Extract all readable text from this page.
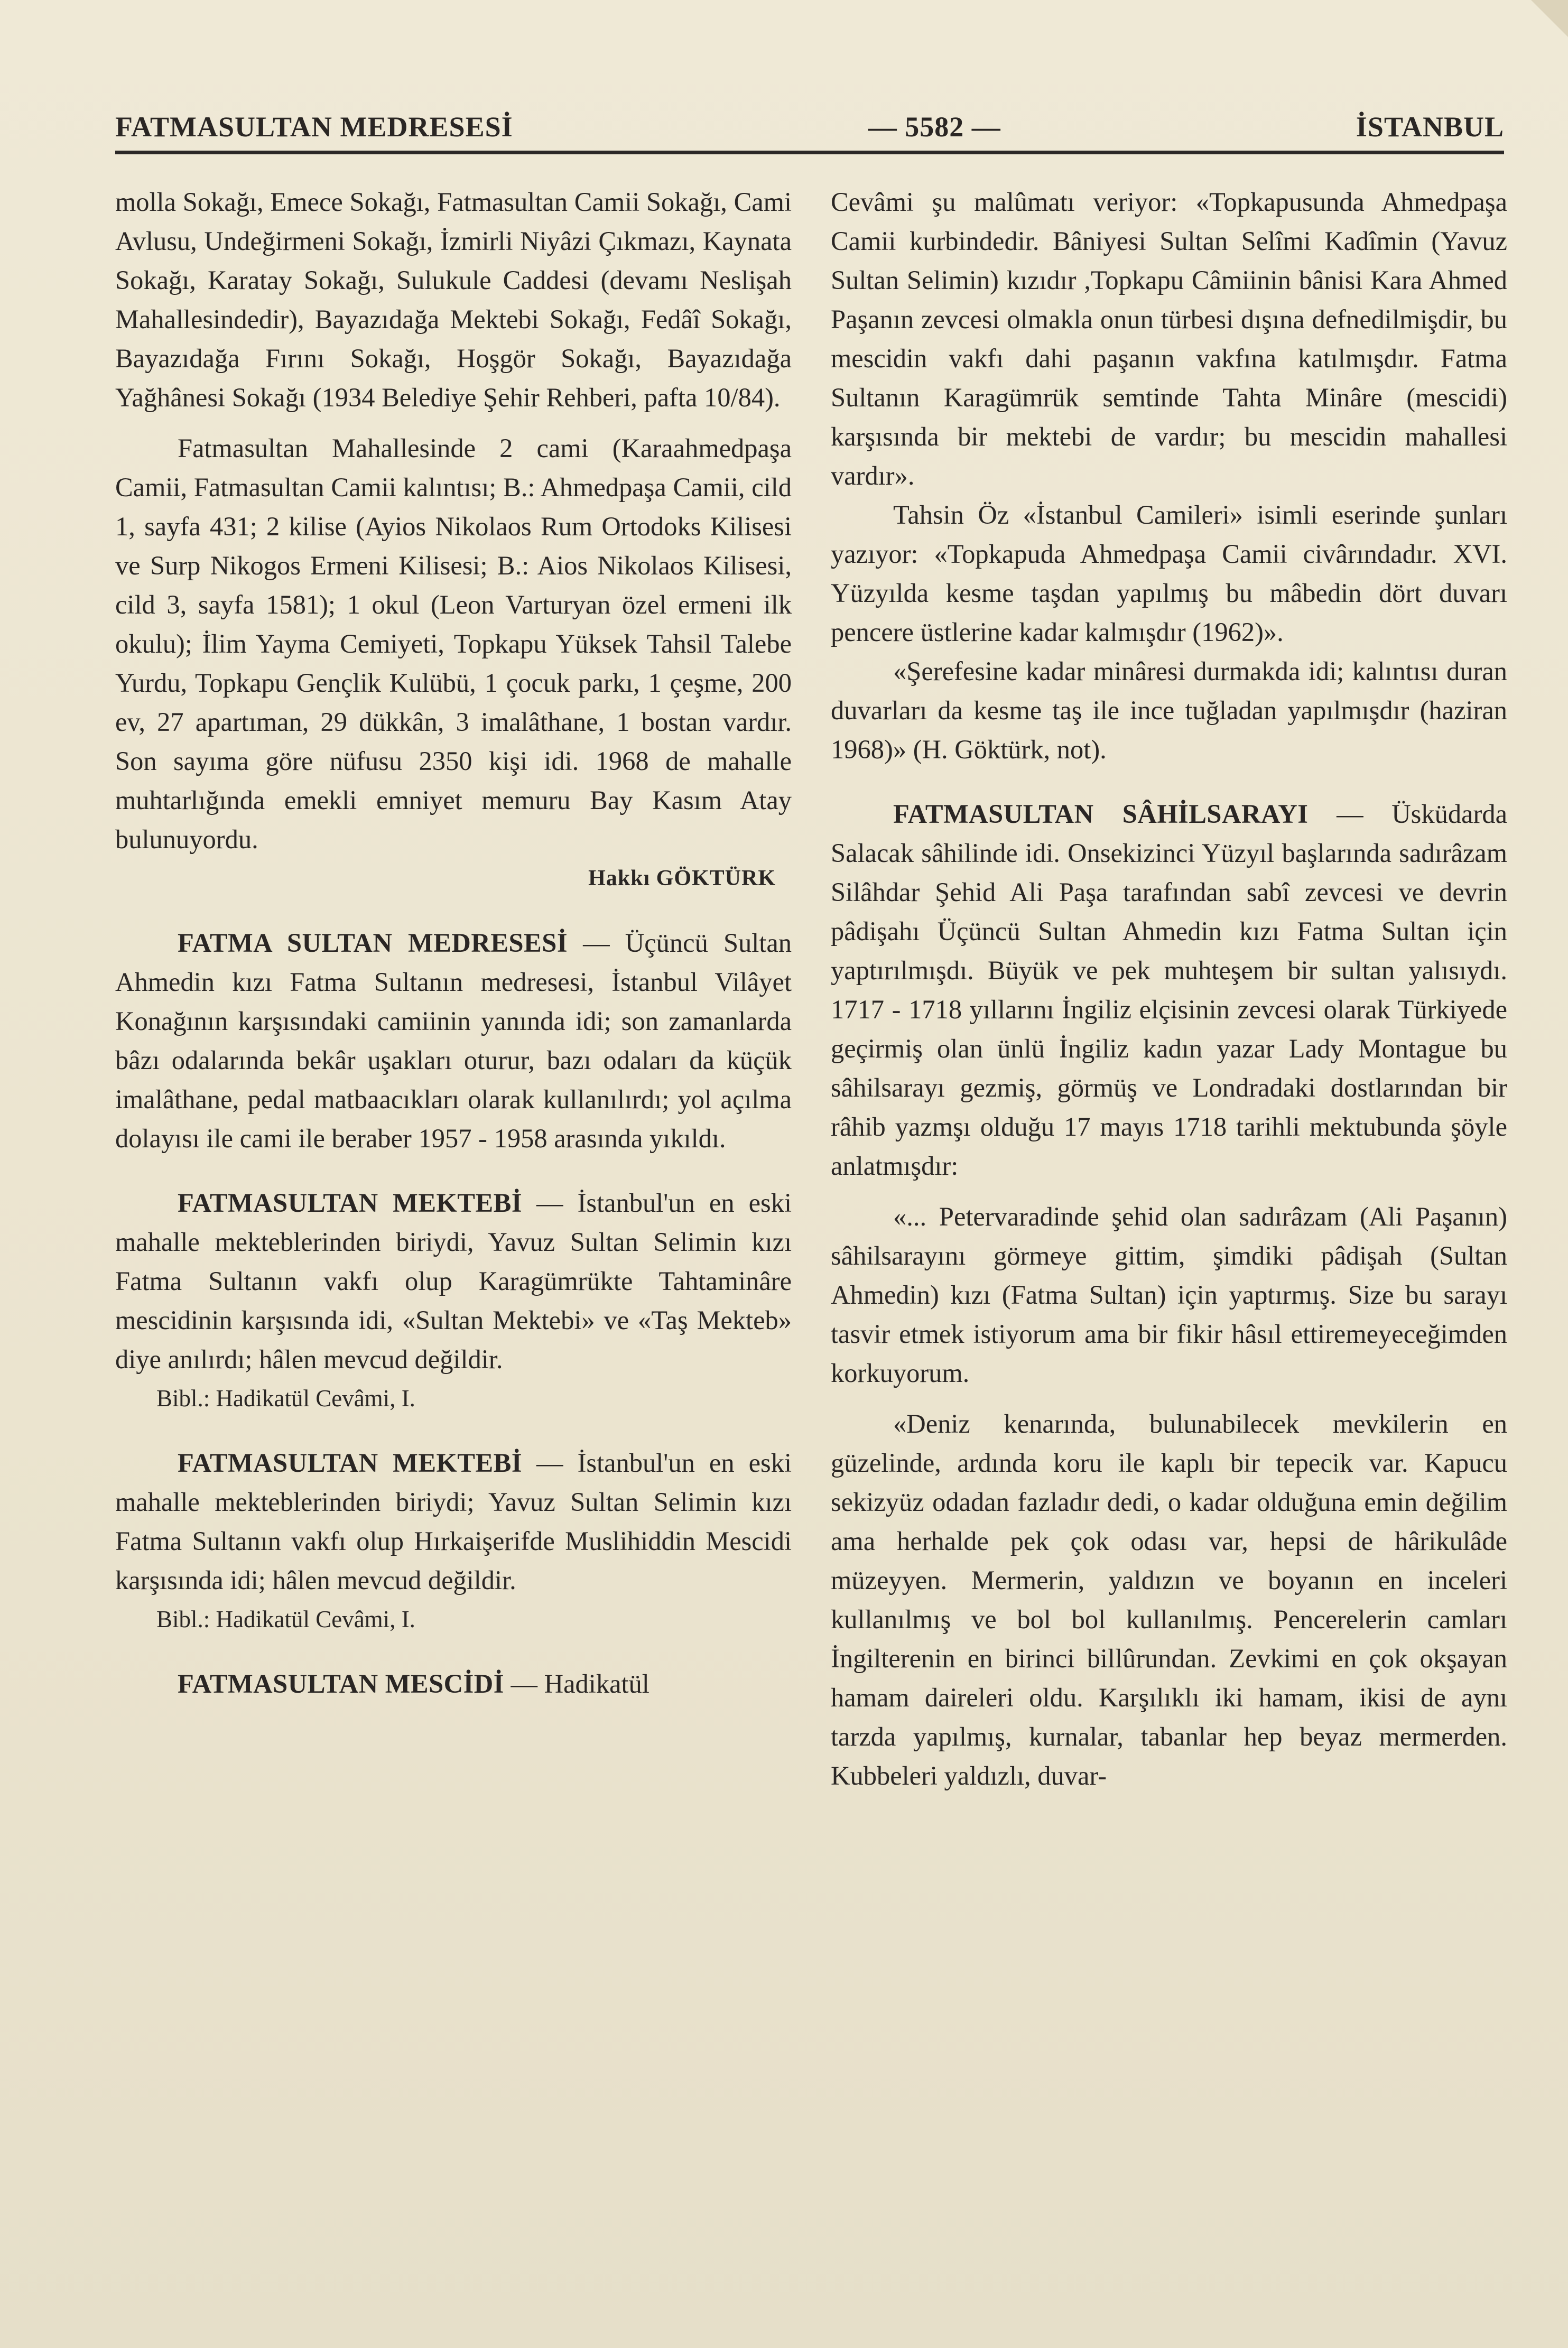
FATMASULTAN MEDRESESİ	— 5582 —	İSTANBUL

molla Sokağı, Emece Sokağı, Fatmasultan Camii Sokağı, Cami Avlusu, Undeğirmeni Sokağı, İzmirli Niyâzi Çıkmazı, Kaynata Sokağı, Karatay Sokağı, Sulukule Caddesi (devamı Neslişah Mahallesindedir), Bayazıdağa Mektebi Sokağı, Fedâî Sokağı, Bayazıdağa Fırını Sokağı, Hoşgör Sokağı, Bayazıdağa Yağhânesi Sokağı (1934 Belediye Şehir Rehberi, pafta 10/84).

Fatmasultan Mahallesinde 2 cami (Karaahmedpaşa Camii, Fatmasultan Camii kalıntısı; B.: Ahmedpaşa Camii, cild 1, sayfa 431; 2 kilise (Ayios Nikolaos Rum Ortodoks Kilisesi ve Surp Nikogos Ermeni Kilisesi; B.: Aios Nikolaos Kilisesi, cild 3, sayfa 1581); 1 okul (Leon Varturyan özel ermeni ilk okulu); İlim Yayma Cemiyeti, Topkapu Yüksek Tahsil Talebe Yurdu, Topkapu Gençlik Kulübü, 1 çocuk parkı, 1 çeşme, 200 ev, 27 apartıman, 29 dükkân, 3 imalâthane, 1 bostan vardır. Son sayıma göre nüfusu 2350 kişi idi. 1968 de mahalle muhtarlığında emekli emniyet memuru Bay Kasım Atay bulunuyordu.

Hakkı GÖKTÜRK

FATMA SULTAN MEDRESESİ — Üçüncü Sultan Ahmedin kızı Fatma Sultanın medresesi, İstanbul Vilâyet Konağının karşısındaki camiinin yanında idi; son zamanlarda bâzı odalarında bekâr uşakları oturur, bazı odaları da küçük imalâthane, pedal matbaacıkları olarak kullanılırdı; yol açılma dolayısı ile cami ile beraber 1957 - 1958 arasında yıkıldı.

FATMASULTAN MEKTEBİ — İstanbul'un en eski mahalle mekteblerinden biriydi, Yavuz Sultan Selimin kızı Fatma Sultanın vakfı olup Karagümrükte Tahtaminâre mescidinin karşısında idi, «Sultan Mektebi» ve «Taş Mekteb» diye anılırdı; hâlen mevcud değildir.

Bibl.: Hadikatül Cevâmi, I.

FATMASULTAN MEKTEBİ — İstanbul'un en eski mahalle mekteblerinden biriydi; Yavuz Sultan Selimin kızı Fatma Sultanın vakfı olup Hırkaişerifde Muslihiddin Mescidi karşısında idi; hâlen mevcud değildir.

Bibl.: Hadikatül Cevâmi, I.

FATMASULTAN MESCİDİ — Hadikatül

Cevâmi şu malûmatı veriyor: «Topkapusunda Ahmedpaşa Camii kurbindedir. Bâniyesi Sultan Selîmi Kadîmin (Yavuz Sultan Selimin) kızıdır ,Topkapu Câmiinin bânisi Kara Ahmed Paşanın zevcesi olmakla onun türbesi dışına defnedilmişdir, bu mescidin vakfı dahi paşanın vakfına katılmışdır. Fatma Sultanın Karagümrük semtinde Tahta Minâre (mescidi) karşısında bir mektebi de vardır; bu mescidin mahallesi vardır».

Tahsin Öz «İstanbul Camileri» isimli eserinde şunları yazıyor: «Topkapuda Ahmedpaşa Camii civârındadır. XVI. Yüzyılda kesme taşdan yapılmış bu mâbedin dört duvarı pencere üstlerine kadar kalmışdır (1962)».

«Şerefesine kadar minâresi durmakda idi; kalıntısı duran duvarları da kesme taş ile ince tuğladan yapılmışdır (haziran 1968)» (H. Göktürk, not).

FATMASULTAN SÂHİLSARAYI — Üsküdarda Salacak sâhilinde idi. Onsekizinci Yüzyıl başlarında sadırâzam Silâhdar Şehid Ali Paşa tarafından sabî zevcesi ve devrin pâdişahı Üçüncü Sultan Ahmedin kızı Fatma Sultan için yaptırılmışdı. Büyük ve pek muhteşem bir sultan yalısıydı. 1717 - 1718 yıllarını İngiliz elçisinin zevcesi olarak Türkiyede geçirmiş olan ünlü İngiliz kadın yazar Lady Montague bu sâhilsarayı gezmiş, görmüş ve Londradaki dostlarından bir râhib yazmşı olduğu 17 mayıs 1718 tarihli mektubunda şöyle anlatmışdır:

«... Petervaradinde şehid olan sadırâzam (Ali Paşanın) sâhilsarayını görmeye gittim, şimdiki pâdişah (Sultan Ahmedin) kızı (Fatma Sultan) için yaptırmış. Size bu sarayı tasvir etmek istiyorum ama bir fikir hâsıl ettiremeyeceğimden korkuyorum.

«Deniz kenarında, bulunabilecek mevkilerin en güzelinde, ardında koru ile kaplı bir tepecik var. Kapucu sekizyüz odadan fazladır dedi, o kadar olduğuna emin değilim ama herhalde pek çok odası var, hepsi de hârikulâde müzeyyen. Mermerin, yaldızın ve boyanın en inceleri kullanılmış ve bol bol kullanılmış. Pencerelerin camları İngilterenin en birinci billûrundan. Zevkimi en çok okşayan hamam daireleri oldu. Karşılıklı iki hamam, ikisi de aynı tarzda yapılmış, kurnalar, tabanlar hep beyaz mermerden. Kubbeleri yaldızlı, duvar-
